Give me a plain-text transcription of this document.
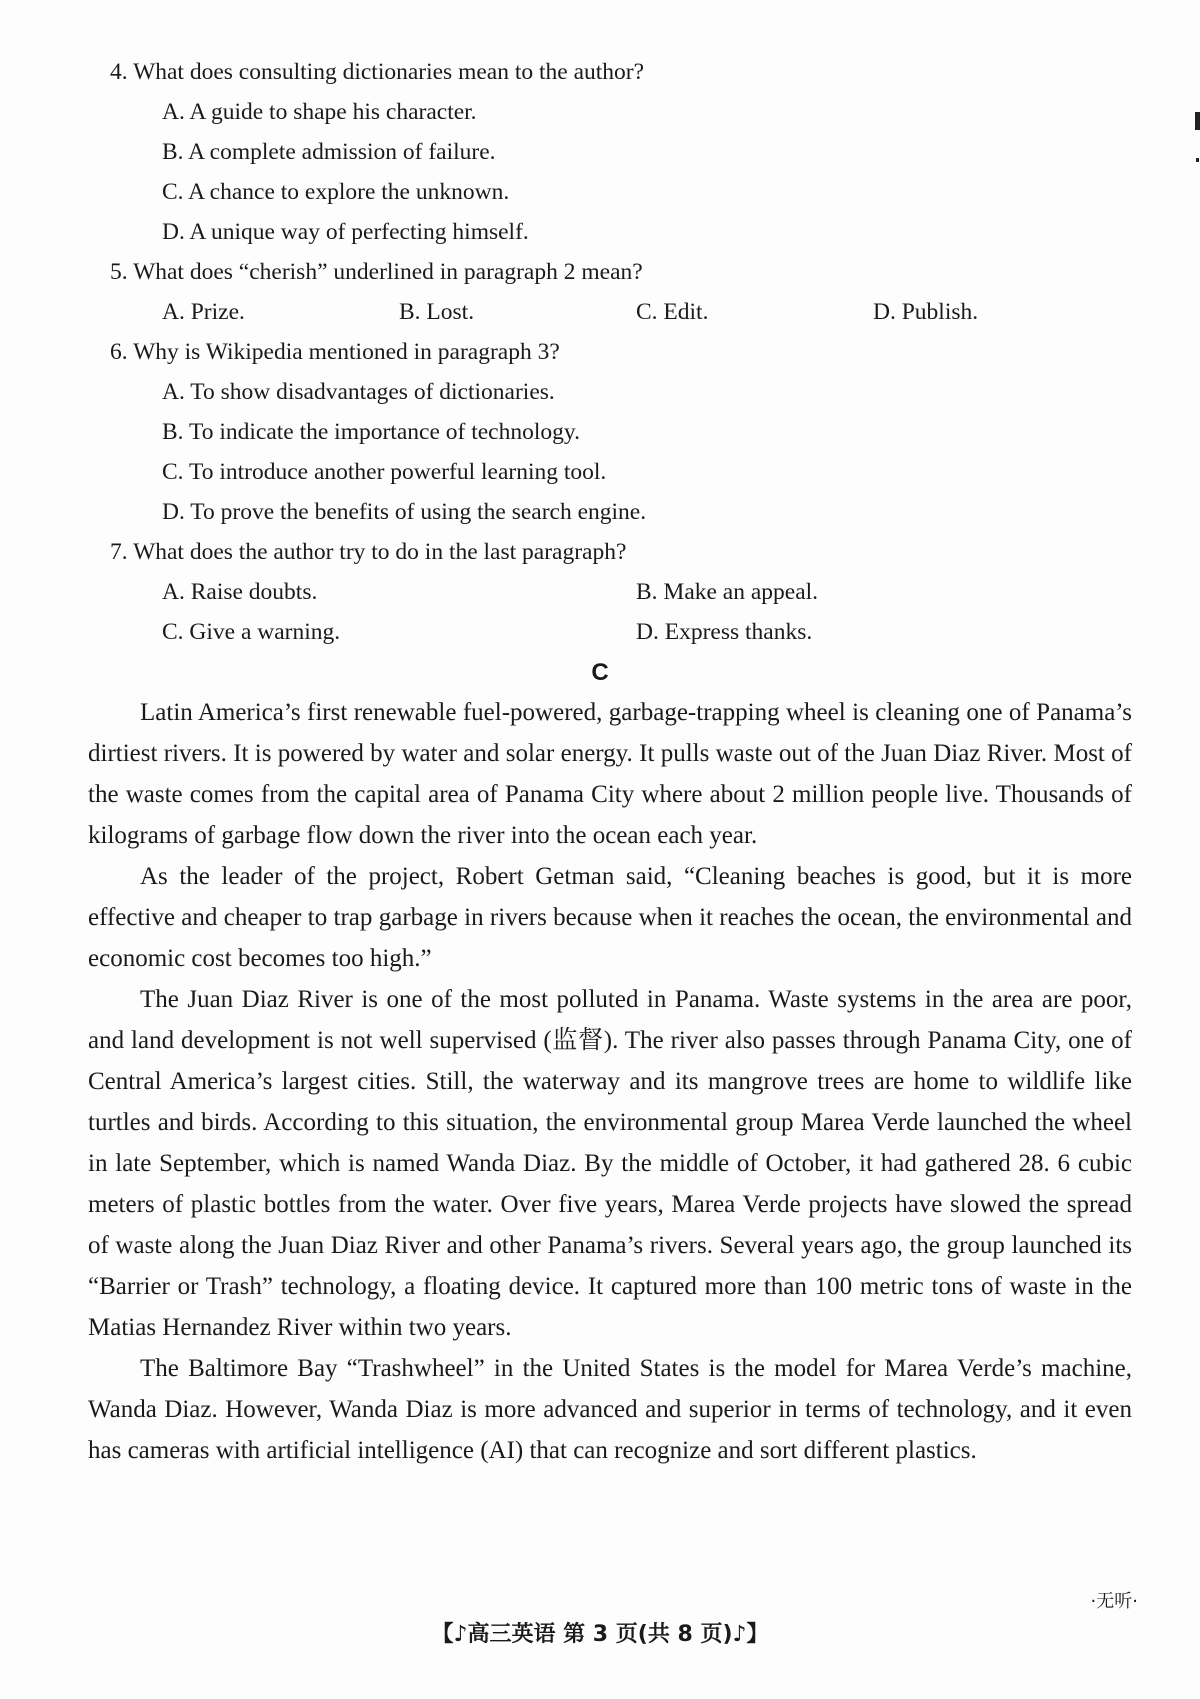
4. What does consulting dictionaries mean to the author?

A. A guide to shape his character.

B. A complete admission of failure.

C. A chance to explore the unknown.

D. A unique way of perfecting himself.

5. What does “cherish” underlined in paragraph 2 mean?

A. Prize.	B. Lost.	C. Edit.	D. Publish.

6. Why is Wikipedia mentioned in paragraph 3?

A. To show disadvantages of dictionaries.

B. To indicate the importance of technology.

C. To introduce another powerful learning tool.

D. To prove the benefits of using the search engine.

7. What does the author try to do in the last paragraph?

A. Raise doubts.	B. Make an appeal.
C. Give a warning.	D. Express thanks.
C

Latin America’s first renewable fuel-powered, garbage-trapping wheel is cleaning one of Panama’s dirtiest rivers. It is powered by water and solar energy. It pulls waste out of the Juan Diaz River. Most of the waste comes from the capital area of Panama City where about 2 million people live. Thousands of kilograms of garbage flow down the river into the ocean each year.

As the leader of the project, Robert Getman said, “Cleaning beaches is good, but it is more effective and cheaper to trap garbage in rivers because when it reaches the ocean, the environmental and economic cost becomes too high.”

The Juan Diaz River is one of the most polluted in Panama. Waste systems in the area are poor, and land development is not well supervised (监督). The river also passes through Panama City, one of Central America’s largest cities. Still, the waterway and its mangrove trees are home to wildlife like turtles and birds. According to this situation, the environmental group Marea Verde launched the wheel in late September, which is named Wanda Diaz. By the middle of October, it had gathered 28. 6 cubic meters of plastic bottles from the water. Over five years, Marea Verde projects have slowed the spread of waste along the Juan Diaz River and other Panama’s rivers. Several years ago, the group launched its “Barrier or Trash” technology, a floating device. It captured more than 100 metric tons of waste in the Matias Hernandez River within two years.

The Baltimore Bay “Trashwheel” in the United States is the model for Marea Verde’s machine, Wanda Diaz. However, Wanda Diaz is more advanced and superior in terms of technology, and it even has cameras with artificial intelligence (AI) that can recognize and sort different plastics.

·无听·
【♪高三英语 第 3 页(共 8 页)♪】
